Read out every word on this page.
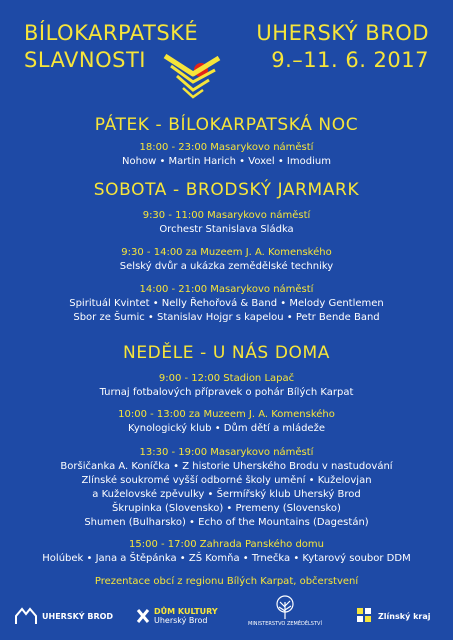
BÍLOKARPATSKÉ
SLAVNOSTI
UHERSKÝ BROD
9.–11. 6. 2017
PÁTEK - BÍLOKARPATSKÁ NOC
18:00 - 23:00 Masarykovo náměstí
Nohow • Martin Harich • Voxel • Imodium
SOBOTA - BRODSKÝ JARMARK
9:30 - 11:00 Masarykovo náměstí
Orchestr Stanislava Sládka
9:30 - 14:00 za Muzeem J. A. Komenského
Selský dvůr a ukázka zemědělské techniky
14:00 - 21:00 Masarykovo náměstí
Spirituál Kvintet • Nelly Řehořová & Band • Melody Gentlemen
Sbor ze Šumic • Stanislav Hojgr s kapelou • Petr Bende Band
NEDĚLE - U NÁS DOMA
9:00 - 12:00 Stadion Lapač
Turnaj fotbalových přípravek o pohár Bílých Karpat
10:00 - 13:00 za Muzeem J. A. Komenského
Kynologický klub • Dům dětí a mládeže
13:30 - 19:00 Masarykovo náměstí
Boršičanka A. Koníčka • Z historie Uherského Brodu v nastudování
Zlínské soukromé vyšší odborné školy umění • Kuželovjan
a Kuželovské zpěvulky • Šermířský klub Uherský Brod
Škrupinka (Slovensko) • Premeny (Slovensko)
Shumen (Bulharsko) • Echo of the Mountains (Dagestán)
15:00 - 17:00 Zahrada Panského domu
Holúbek • Jana a Štěpánka • ZŠ Komňa • Trnečka • Kytarový soubor DDM
Prezentace obcí z regionu Bílých Karpat, občerstvení
UHERSKÝ BROD	DŮM KULTURY
Uherský Brod	MINISTERSTVO ZEMĚDĚLSTVÍ
Zlínský kraj
